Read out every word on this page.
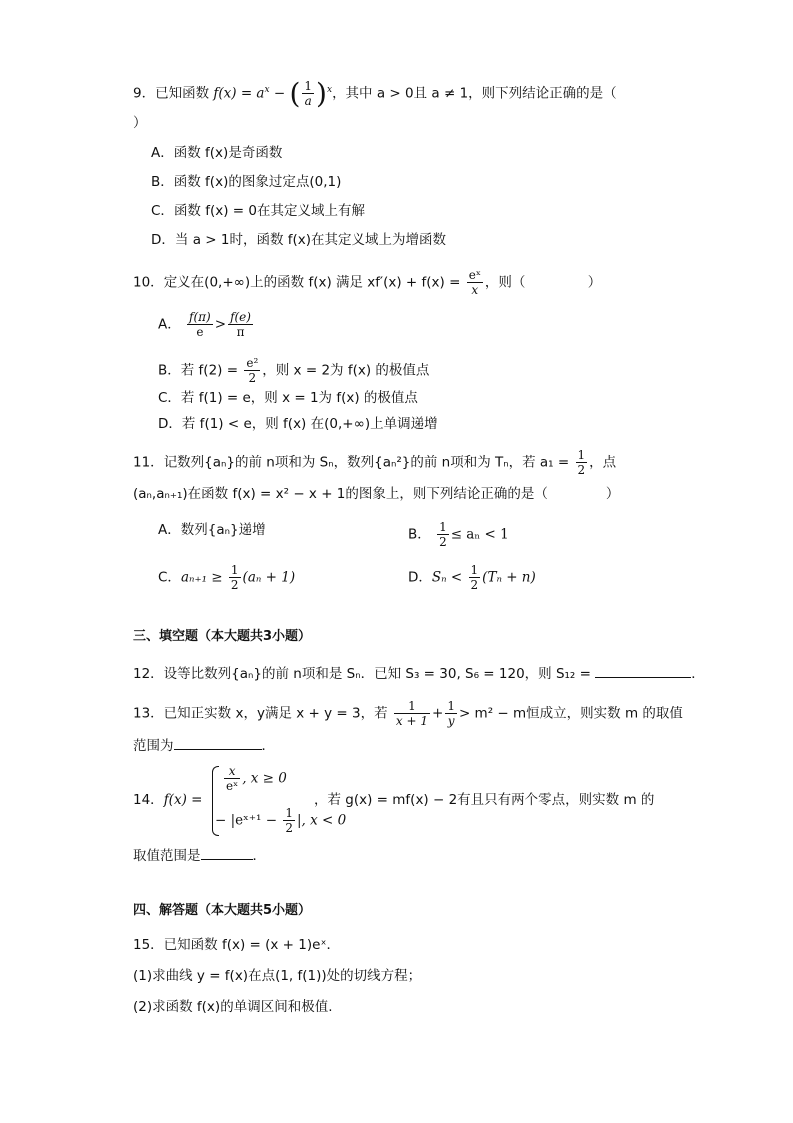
9．已知函数 $f(x) = a^x$ − ( $\frac{1}{a} )^x$，其中 a > 0且 a ≠ 1，则下列结论正确的是（
）
A．函数 f(x)是奇函数
B．函数 f(x)的图象过定点(0,1)
C．函数 f(x) = 0在其定义域上有解
D．当 a > 1时，函数 f(x)在其定义域上为增函数
10．定义在(0,+∞)上的函数 f(x) 满足 $xf'(x) + f(x) = \frac{\text{eˣ}}{x}$ ，则（	）
A． $\frac{f(\pi)}{e} > \frac{f(e)}{\pi}$
B．若 $f(2) = \frac{\text{e²}}{2}$ ，则 x = 2为 f(x) 的极值点
C．若 f(1) = e，则 x = 1为 f(x) 的极值点
D．若 f(1) < e，则 f(x) 在(0,+∞)上单调递增
11．记数列{aₙ}的前 n项和为 Sₙ，数列{aₙ²}的前 n项和为 Tₙ，若 $a_1 = \frac{1}{2}$ ，点
(aₙ,aₙ₊₁)在函数 f(x) = x² − x + 1的图象上，则下列结论正确的是（	）
A．数列{aₙ}递增	B． $\frac{1}{2} \le a_n < 1$
C．$a_{n+1} \ge \frac{1}{2} (a_n + 1)$	D．$S_n < \frac{1}{2} (T_n + n)$
三、填空题（本大题共3小题）
12．设等比数列{aₙ}的前 n项和是 Sₙ．已知 S₃ = 30, S₆ = 120，则 S₁₂ =	．
13．已知正实数 x，y满足 x + y = 3，若 $\frac{1}{x + 1} + \frac{1}{y} > m^2 - m$恒成立，则实数 m 的取值
范围为	．
14．f(x) =
$\frac{x}{\text{eˣ}}$ , x ≥ 0
− |eˣ⁺¹ − $\frac{1}{2}$ |, x < 0
，若 g(x) = mf(x) − 2有且只有两个零点，则实数 m 的
取值范围是	．
四、解答题（本大题共5小题）
15．已知函数 f(x) = (x + 1)eˣ．
(1)求曲线 y = f(x)在点(1, f(1))处的切线方程；
(2)求函数 f(x)的单调区间和极值.
